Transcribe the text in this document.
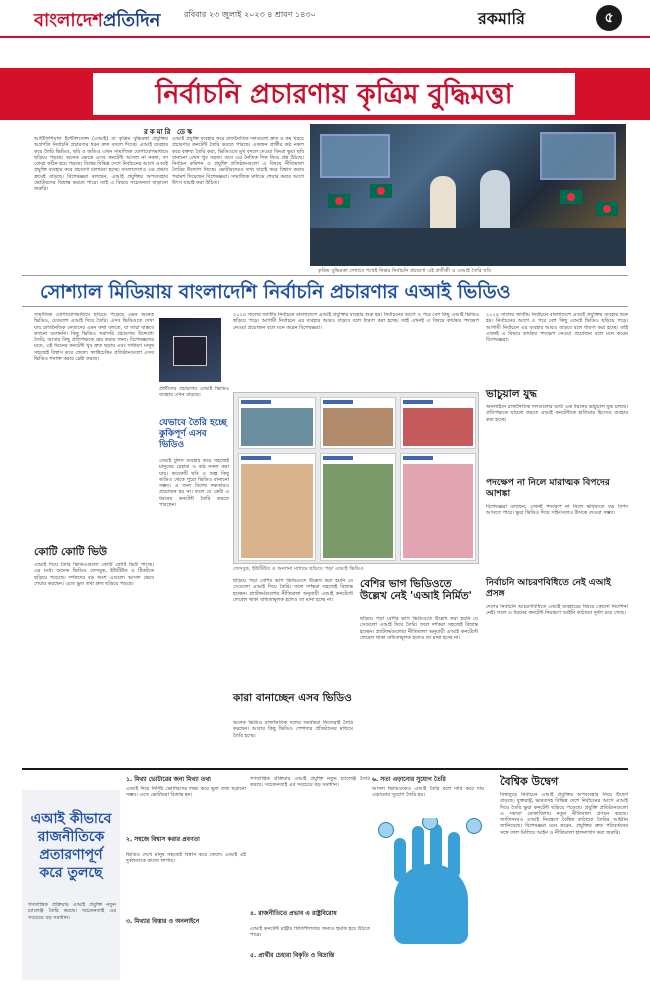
বাংলাদেশপ্রতিদিন	রবিবার ২৩ জুলাই ২০২৩ ৪ শ্রাবণ ১৪৩০	রকমারি	৫
নির্বাচনি প্রচারণায় কৃত্রিম বুদ্ধিমত্তা
রকমারি ডেস্ক
আর্টিফিশিয়াল ইন্টেলিজেন্স (এআই) বা কৃত্রিম বুদ্ধিমত্তা প্রযুক্তির অগ্রগতি নির্বাচনি প্রচারণার ধরন দ্রুত বদলে দিচ্ছে। এআই ব্যবহার করে তৈরি ভিডিও, ছবি ও অডিও এখন সামাজিক যোগাযোগমাধ্যমে ছড়িয়ে পড়ছে। অনেক ক্ষেত্রে এসব কনটেন্ট আসল না নকল, তা বোঝা কঠিন হয়ে পড়ছে। বিশ্বের বিভিন্ন দেশে নির্বাচনের আগে এআই প্রযুক্তি ব্যবহার করে প্রচারণা চালানো হচ্ছে। বাংলাদেশেও এর প্রভাব ক্রমেই বাড়ছে। বিশেষজ্ঞরা বলছেন, এআই প্রযুক্তির অপব্যবহার ভোটারদের বিভ্রান্ত করতে পারে। তাই এ বিষয়ে সচেতনতা বাড়ানো জরুরি।
এআই প্রযুক্তি ব্যবহার করে রাজনৈতিক দলগুলো দ্রুত ও কম খরচে প্রচারণার কনটেন্ট তৈরি করতে পারছে। একজন প্রার্থীর কণ্ঠ নকল করে বক্তব্য তৈরি করা, ভিডিওতে মুখ বদলে দেওয়া কিংবা ভুয়া ছবি বানানো এখন খুব সহজ। তবে এর নৈতিক দিক নিয়ে প্রশ্ন উঠছে। নির্বাচন কমিশন ও প্রযুক্তি প্রতিষ্ঠানগুলো এ বিষয়ে নীতিমালা তৈরির উদ্যোগ নিচ্ছে। ভোটারদেরও তথ্য যাচাই করে বিশ্বাস করার পরামর্শ দিয়েছেন বিশেষজ্ঞরা। সামাজিক মাধ্যমে শেয়ার করার আগে উৎস যাচাই করা উচিত।
কৃত্রিম বুদ্ধিমত্তা দেখাবে পথেই নির্ভর নির্বাচনি প্রচারণা এই প্রতীকী ও এআই তৈরি ছবি
সোশ্যাল মিডিয়ায় বাংলাদেশি নির্বাচনি প্রচারণার এআই ভিডিও
সামাজিক যোগাযোগমাধ্যমে ছড়িয়ে পড়েছে এমন অনেক ভিডিও, যেগুলো এআই দিয়ে তৈরি। এসব ভিডিওতে দেখা যায় রাজনৈতিক নেতাদের এমন কথা বলতে, যা তারা বাস্তবে কখনো বলেননি। কিছু ভিডিও সরাসরি প্রচারণার উদ্দেশ্যে তৈরি, আবার কিছু প্রতিপক্ষকে হেয় করার জন্য। বিশেষজ্ঞদের মতে, এই ধরনের কনটেন্ট খুব দ্রুত ছড়ায় এবং সাধারণ মানুষ সহজেই বিশ্বাস করে ফেলে। ফ্যাক্টচেকিং প্রতিষ্ঠানগুলো এসব ভিডিও শনাক্ত করার চেষ্টা করছে।
কোটি কোটি ভিউ
এআই দিয়ে তৈরি ভিডিওগুলো কোটি কোটি ভিউ পাচ্ছে। এর মধ্যে অনেক ভিডিও ফেসবুক, ইউটিউব ও টিকটকে ছড়িয়ে পড়েছে। দর্শকদের বড় অংশ এগুলো আসল ভেবে শেয়ার করছেন। এতে ভুল তথ্য দ্রুত ছড়িয়ে পড়ছে।
প্রার্থীদের প্রচারণায় এআই ভিডিও ব্যবহার এখন বাড়ছে।
যেভাবে তৈরি হচ্ছে কুকিপূর্ণ এসব ভিডিও
এআই টুলস ব্যবহার করে সহজেই মানুষের চেহারা ও কণ্ঠ নকল করা যায়। কয়েকটি ছবি ও অল্প কিছু অডিও থেকে পুরো ভিডিও বানানো সম্ভব। এ জন্য বিশেষ দক্ষতারও প্রয়োজন হয় না। ফলে যে কেউ এ ধরনের কনটেন্ট তৈরি করতে পারছেন।
২০২৪ সালের জাতীয় নির্বাচনে বাংলাদেশে এআই প্রযুক্তির ব্যবহার শুরু হয়। নির্বাচনের আগে ও পরে বেশ কিছু এআই ভিডিও ছড়িয়ে পড়ে। আগামী নির্বাচনে এর ব্যবহার আরও বাড়বে বলে ধারণা করা হচ্ছে। তাই এখনই এ বিষয়ে কার্যকর পদক্ষেপ নেওয়া প্রয়োজন বলে মনে করেন বিশেষজ্ঞরা।
ফেসবুক, ইউটিউব ও অন্যান্য মাধ্যমে ছড়িয়ে পড়া এআই ভিডিও
ছড়িয়ে পড়া বেশির ভাগ ভিডিওতে উল্লেখ করা হয়নি যে সেগুলো এআই দিয়ে তৈরি। ফলে দর্শকরা সহজেই বিভ্রান্ত হচ্ছেন। প্ল্যাটফর্মগুলোর নীতিমালা অনুযায়ী এআই কনটেন্টে লেবেল থাকা বাধ্যতামূলক হলেও তা মানা হচ্ছে না।
কারা বানাচ্ছেন এসব ভিডিও
অনেক ভিডিও রাজনৈতিক দলের সমর্থকরা নিজেরাই তৈরি করছেন। আবার কিছু ভিডিও পেশাদার প্রতিষ্ঠানের মাধ্যমে তৈরি হচ্ছে।
বেশির ভাগ ভিডিওতে উল্লেখ নেই 'এআই নির্মিত'
ছড়িয়ে পড়া বেশির ভাগ ভিডিওতে উল্লেখ করা হয়নি যে সেগুলো এআই দিয়ে তৈরি। ফলে দর্শকরা সহজেই বিভ্রান্ত হচ্ছেন। প্ল্যাটফর্মগুলোর নীতিমালা অনুযায়ী এআই কনটেন্টে লেবেল থাকা বাধ্যতামূলক হলেও তা মানা হচ্ছে না।
২০২৪ সালের জাতীয় নির্বাচনে বাংলাদেশে এআই প্রযুক্তির ব্যবহার শুরু হয়। নির্বাচনের আগে ও পরে বেশ কিছু এআই ভিডিও ছড়িয়ে পড়ে। আগামী নির্বাচনে এর ব্যবহার আরও বাড়বে বলে ধারণা করা হচ্ছে। তাই এখনই এ বিষয়ে কার্যকর পদক্ষেপ নেওয়া প্রয়োজন বলে মনে করেন বিশেষজ্ঞরা।
ভাচুয়াল যুদ্ধ
অনলাইনে রাজনৈতিক দলগুলোর মধ্যে এক ধরনের ভার্চুয়াল যুদ্ধ চলছে। প্রতিপক্ষকে ঘায়েল করতে এআই কনটেন্টকে হাতিয়ার হিসেবে ব্যবহার করা হচ্ছে।
পদক্ষেপ না নিলে মারাত্মক বিপদের আশঙ্কা
বিশেষজ্ঞরা বলছেন, এখনই পদক্ষেপ না নিলে ভবিষ্যতে বড় বিপদ আসতে পারে। ভুয়া ভিডিও দিয়ে সহিংসতাও উসকে দেওয়া সম্ভব।
নির্বাচনি আচরণবিধিতে নেই এআই প্রসঙ্গ
দেশের নির্বাচনি আচরণবিধিতে এআই ব্যবহারের বিষয়ে কোনো নির্দেশনা নেই। ফলে এ ধরনের কনটেন্ট নিয়ন্ত্রণে আইনি কাঠামো দুর্বল রয়ে গেছে।
এআই কীভাবে রাজনীতিকে প্রতারণাপূর্ণ করে তুলছে
গণতান্ত্রিক প্রক্রিয়ায় এআই প্রযুক্তি নতুন চ্যালেঞ্জ তৈরি করছে। সচেতনতাই এর সবচেয়ে বড় সমাধান।
১. মিথ্যা ভোটারের জন্য মিথ্যা তথ্য
এআই দিয়ে নির্দিষ্ট ভোটারদের লক্ষ্য করে ভুল তথ্য ছড়ানো সম্ভব। এতে ভোটাররা বিভ্রান্ত হন।
২. সহজে বিশ্বাস করার প্রবণতা
ভিডিও দেখে মানুষ সহজেই বিশ্বাস করে ফেলে। এআই এই দুর্বলতাকে কাজে লাগায়।
৩. মিথ্যার বিস্তার ও অনলাইনে
৪. রাজনীতিতে প্রভাব এ রাষ্ট্রবিরোধ
এআই কনটেন্ট রাষ্ট্রীয় স্থিতিশীলতার জন্যও হুমকি হয়ে উঠতে পারে।
৫. প্রার্থীর চেহারা বিকৃতি ও বিভ্রান্তি
গণতান্ত্রিক প্রক্রিয়ায় এআই প্রযুক্তি নতুন চ্যালেঞ্জ তৈরি করছে। সচেতনতাই এর সবচেয়ে বড় সমাধান।
৬. সত্য এড়ানোর সুযোগ তৈরি
আসল ভিডিওকেও এআই তৈরি বলে দাবি করে দায় এড়ানোর সুযোগ তৈরি হয়।
বৈশ্বিক উদ্বেগ
বিশ্বজুড়ে নির্বাচনে এআই প্রযুক্তির অপব্যবহার নিয়ে উদ্বেগ বাড়ছে। যুক্তরাষ্ট্র, ভারতসহ বিভিন্ন দেশে নির্বাচনের আগে এআই দিয়ে তৈরি ভুয়া কনটেন্ট ছড়িয়ে পড়েছে। প্রযুক্তি প্রতিষ্ঠানগুলো এ সমস্যা মোকাবিলায় নতুন নীতিমালা প্রণয়ন করছে। জাতিসংঘও এআই নিয়ন্ত্রণে বৈশ্বিক কাঠামো তৈরির আহ্বান জানিয়েছে। বিশেষজ্ঞরা মনে করেন, প্রযুক্তির দ্রুত পরিবর্তনের সঙ্গে তাল মিলিয়ে আইন ও নীতিমালা হালনাগাদ করা জরুরি।
